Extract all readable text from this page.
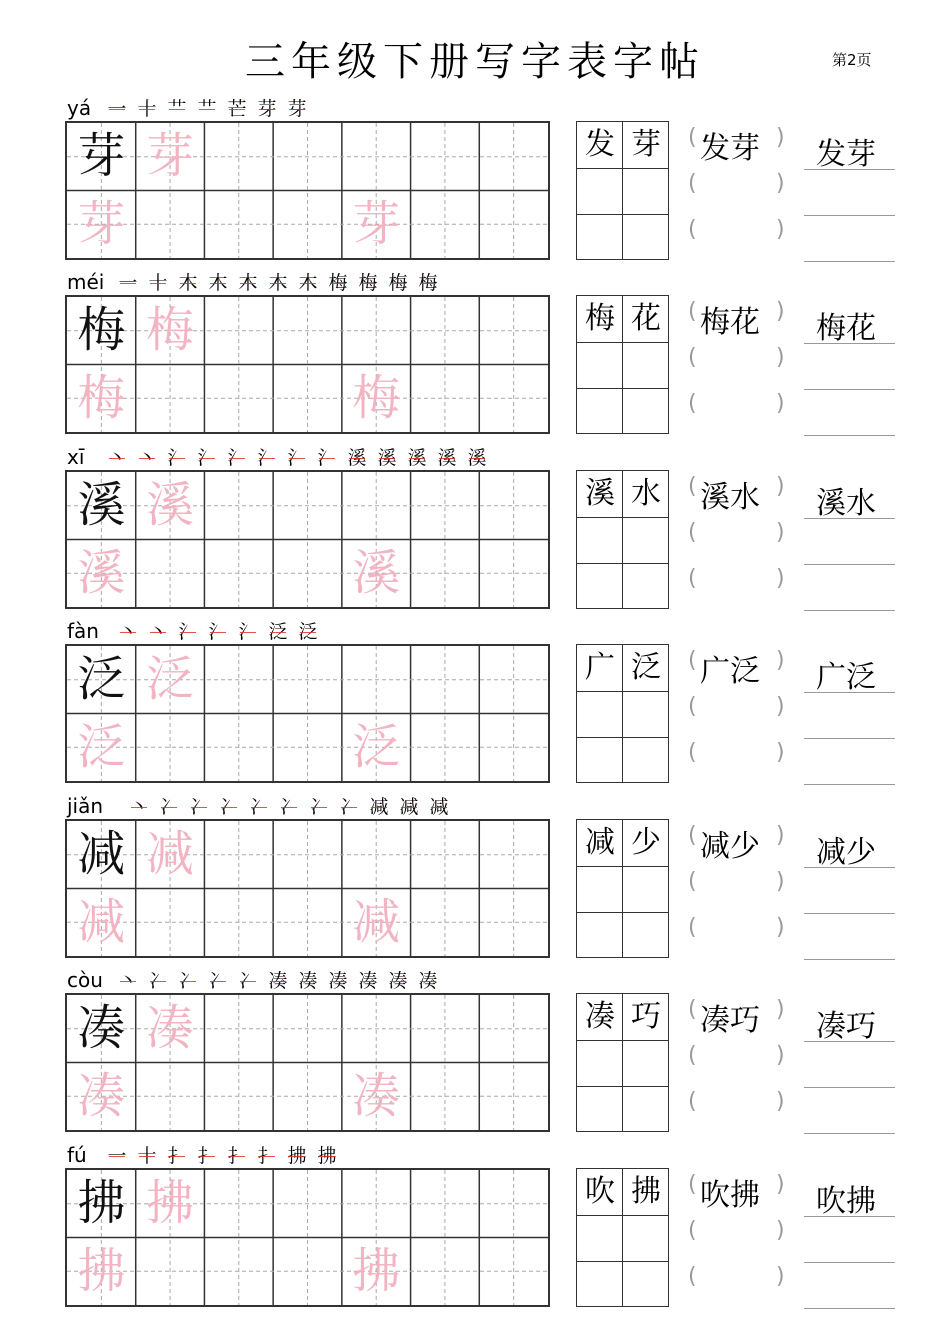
三年级下册写字表字帖	第2页
yá 一 十 艹 艹 芒 芽 芽
芽 芽
芽	芽
发 芽 发芽
(	)
(	)
(	)
发芽
méi 一 十 木 木 木 木 木 梅 梅 梅 梅
梅 梅
梅	梅
梅 花 梅花
(	)
(	)
(	)
梅花
xī 丶 丶 氵 氵 氵 氵 氵 氵 溪 溪 溪 溪 溪
溪 溪
溪	溪
溪 水 溪水
(	)
(	)
(	)
溪水
fàn 丶 丶 氵 氵 氵 泛 泛
泛 泛
泛	泛
广 泛 广泛
(	)
(	)
(	)
广泛
jiǎn 丶 冫 冫 冫 冫 冫 冫 冫 减 减 减
减 减
减	减
减 少 减少
(	)
(	)
(	)
减少
còu 丶 冫 冫 冫 冫 凑 凑 凑 凑 凑 凑
凑 凑
凑	凑
凑 巧 凑巧
(	)
(	)
(	)
凑巧
fú 一 十 扌 扌 扌 扌 拂 拂
拂 拂
拂	拂
吹 拂 吹拂
(	)
(	)
(	)
吹拂
